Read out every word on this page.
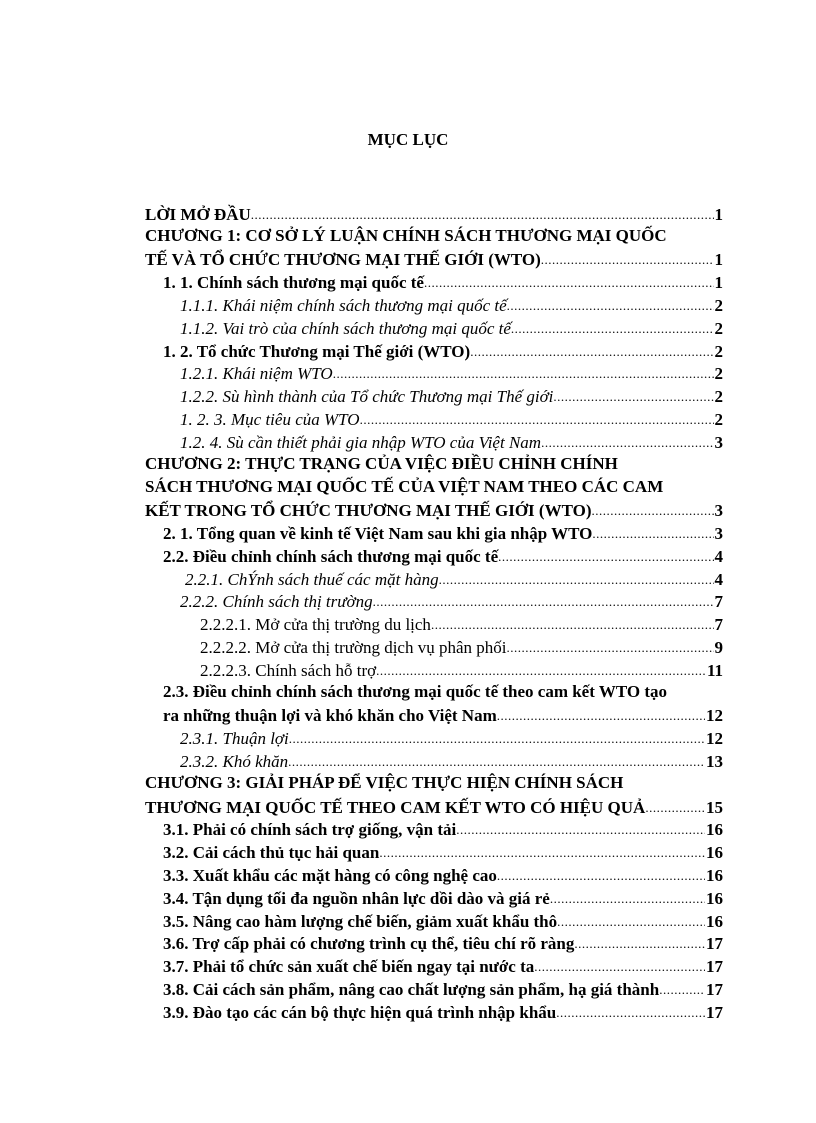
MỤC LỤC
LỜI MỞ ĐẦU .....	1
CHƯƠNG 1: CƠ SỞ LÝ LUẬN CHÍNH SÁCH THƯƠNG MẠI QUỐC
TẾ VÀ TỔ CHỨC THƯƠNG MẠI THẾ GIỚI (WTO) .....	1
1. 1. Chính sách thương mại quốc tế .....	1
1.1.1. Khái niệm chính sách thương mại quốc tế .....	2
1.1.2. Vai trò của chính sách thương mại quốc tế .....	2
1. 2. Tổ chức Thương mại Thế giới (WTO) .....	2
1.2.1. Khái niệm WTO .....	2
1.2.2. Sù hình thành của Tổ chức Thương mại Thế giới .....	2
1. 2. 3. Mục tiêu của WTO .....	2
1.2. 4. Sù cần thiết phải gia nhập WTO của Việt Nam .....	3
CHƯƠNG 2: THỰC TRẠNG CỦA VIỆC ĐIỀU CHỈNH CHÍNH
SÁCH THƯƠNG MẠI QUỐC TẾ CỦA VIỆT NAM THEO CÁC CAM
KẾT TRONG TỔ CHỨC THƯƠNG MẠI THẾ GIỚI (WTO) .....	3
2. 1. Tổng quan về kinh tế Việt Nam sau khi gia nhập WTO .....	3
2.2. Điều chỉnh chính sách thương mại quốc tế .....	4
2.2.1. ChÝnh sách thuế các mặt hàng .....	4
2.2.2. Chính sách thị trường .....	7
2.2.2.1. Mở cửa thị trường du lịch .....	7
2.2.2.2. Mở cửa thị trường dịch vụ phân phối .....	9
2.2.2.3. Chính sách hỗ trợ .....	11
2.3. Điều chỉnh chính sách thương mại quốc tế theo cam kết WTO tạo
ra những thuận lợi và khó khăn cho Việt Nam .....	12
2.3.1. Thuận lợi .....	12
2.3.2. Khó khăn .....	13
CHƯƠNG 3: GIẢI PHÁP ĐỂ VIỆC THỰC HIỆN CHÍNH SÁCH
THƯƠNG MẠI QUỐC TẾ THEO CAM KẾT WTO CÓ HIỆU QUẢ .....	15
3.1. Phải có chính sách trợ giống, vận tải .....	16
3.2. Cải cách thủ tục hải quan .....	16
3.3. Xuất khẩu các mặt hàng có công nghệ cao .....	16
3.4. Tận dụng tối đa nguồn nhân lực dồi dào và giá rẻ .....	16
3.5. Nâng cao hàm lượng chế biến, giảm xuất khẩu thô .....	16
3.6. Trợ cấp phải có chương trình cụ thể, tiêu chí rõ ràng .....	17
3.7. Phải tổ chức sản xuất chế biến ngay tại nước ta .....	17
3.8. Cải cách sản phẩm, nâng cao chất lượng sản phẩm, hạ giá thành .....	17
3.9. Đào tạo các cán bộ thực hiện quá trình nhập khẩu .....	17
